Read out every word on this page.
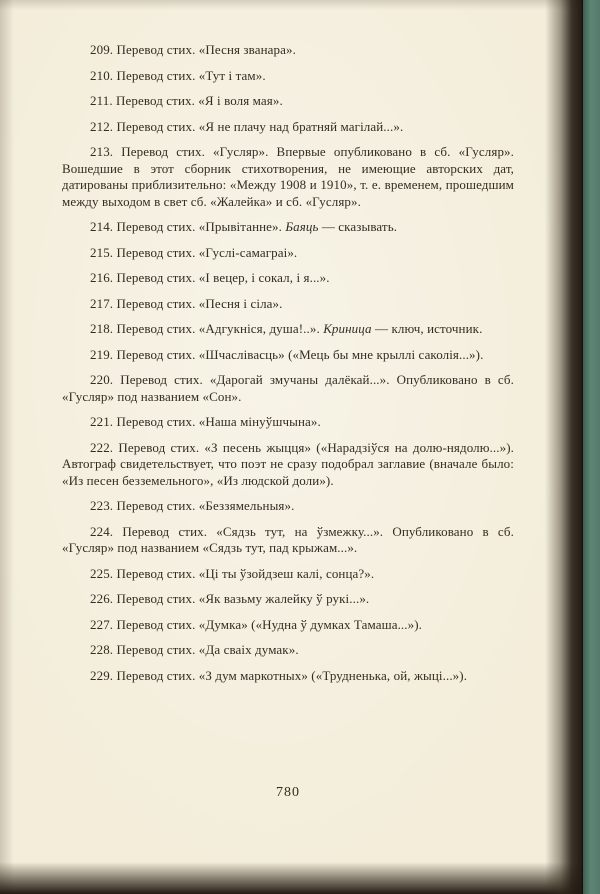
209. Перевод стих. «Песня званара».

210. Перевод стих. «Тут і там».

211. Перевод стих. «Я і воля мая».

212. Перевод стих. «Я не плачу над братняй магілай...».

213. Перевод стих. «Гусляр». Впервые опубликовано в сб. «Гусляр». Вошедшие в этот сборник стихотворения, не имеющие авторских дат, датированы приблизительно: «Между 1908 и 1910», т. е. временем, прошедшим между выходом в свет сб. «Жалейка» и сб. «Гусляр».

214. Перевод стих. «Прывітанне». Баяць — сказывать.

215. Перевод стих. «Гуслі-самаграі».

216. Перевод стих. «І вецер, і сокал, і я...».

217. Перевод стих. «Песня і сіла».

218. Перевод стих. «Адгукніся, душа!..». Криница — ключ, источник.

219. Перевод стих. «Шчаслівасць» («Мець бы мне крыллі саколія...»).

220. Перевод стих. «Дарогай змучаны далёкай...». Опубликовано в сб. «Гусляр» под названием «Сон».

221. Перевод стих. «Наша мінуўшчына».

222. Перевод стих. «З песень жыцця» («Нарадзіўся на долю-нядолю...»). Автограф свидетельствует, что поэт не сразу подобрал заглавие (вначале было: «Из песен безземельного», «Из людской доли»).

223. Перевод стих. «Беззямельныя».

224. Перевод стих. «Сядзь тут, на ўзмежку...». Опубликовано в сб. «Гусляр» под названием «Сядзь тут, пад крыжам...».

225. Перевод стих. «Ці ты ўзойдзеш калі, сонца?».

226. Перевод стих. «Як вазьму жалейку ў рукі...».

227. Перевод стих. «Думка» («Нудна ў думках Тамаша...»).

228. Перевод стих. «Да сваіх думак».

229. Перевод стих. «З дум маркотных» («Трудненька, ой, жыці...»).

780
